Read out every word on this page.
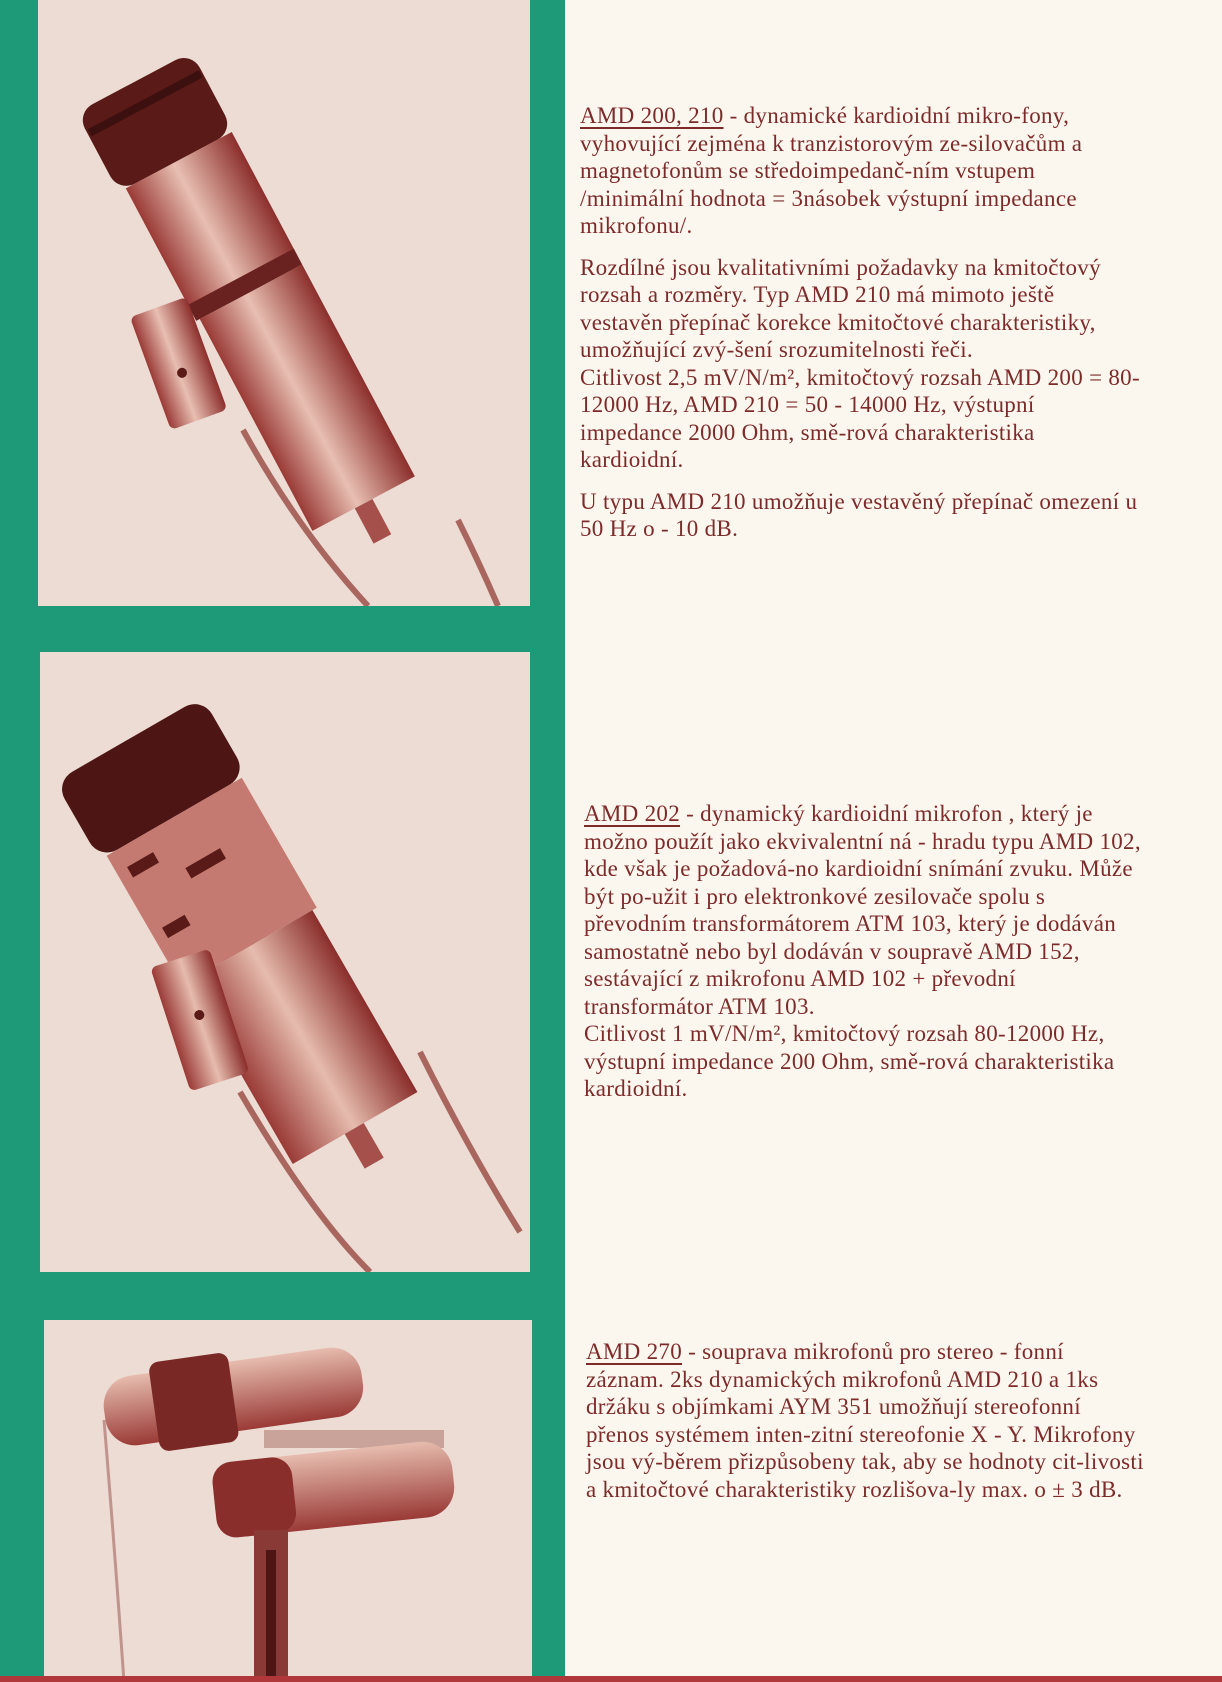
AMD 200, 210 - dynamické kardioidní mikro-fony, vyhovující zejména k tranzistorovým ze-silovačům a magnetofonům se středoimpedanč-ním vstupem /minimální hodnota = 3násobek výstupní impedance mikrofonu/.

Rozdílné jsou kvalitativními požadavky na kmitočtový rozsah a rozměry. Typ AMD 210 má mimoto ještě vestavěn přepínač korekce kmitočtové charakteristiky, umožňující zvý-šení srozumitelnosti řeči.

Citlivost 2,5 mV/N/m², kmitočtový rozsah AMD 200 = 80-12000 Hz, AMD 210 = 50 - 14000 Hz, výstupní impedance 2000 Ohm, smě-rová charakteristika kardioidní.

U typu AMD 210 umožňuje vestavěný přepínač omezení u 50 Hz o - 10 dB.

AMD 202 - dynamický kardioidní mikrofon , který je možno použít jako ekvivalentní ná - hradu typu AMD 102, kde však je požadová-no kardioidní snímání zvuku. Může být po-užit i pro elektronkové zesilovače spolu s převodním transformátorem ATM 103, který je dodáván samostatně nebo byl dodáván v soupravě AMD 152, sestávající z mikrofonu AMD 102 + převodní transformátor ATM 103.

Citlivost 1 mV/N/m², kmitočtový rozsah 80-12000 Hz, výstupní impedance 200 Ohm, smě-rová charakteristika kardioidní.

AMD 270 - souprava mikrofonů pro stereo - fonní záznam. 2ks dynamických mikrofonů AMD 210 a 1ks držáku s objímkami AYM 351 umožňují stereofonní přenos systémem inten-zitní stereofonie X - Y. Mikrofony jsou vý-běrem přizpůsobeny tak, aby se hodnoty cit-livosti a kmitočtové charakteristiky rozlišova-ly max. o ± 3 dB.
